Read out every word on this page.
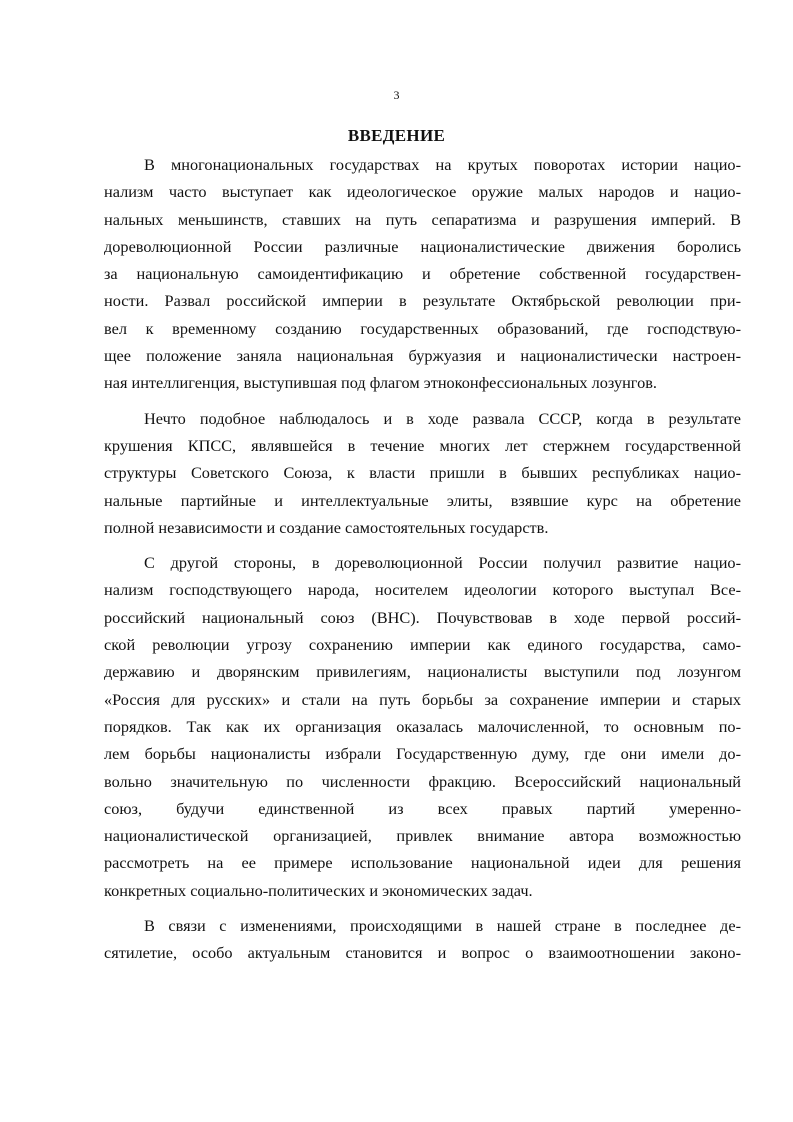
3
ВВЕДЕНИЕ
В многонациональных государствах на крутых поворотах истории нацио-
нализм часто выступает как идеологическое оружие малых народов и нацио-
нальных меньшинств, ставших на путь сепаратизма и разрушения империй. В
дореволюционной России различные националистические движения боролись
за национальную самоидентификацию и обретение собственной государствен-
ности. Развал российской империи в результате Октябрьской революции при-
вел к временному созданию государственных образований, где господствую-
щее положение заняла национальная буржуазия и националистически настроен-
ная интеллигенция, выступившая под флагом этноконфессиональных лозунгов.
Нечто подобное наблюдалось и в ходе развала СССР, когда в результате
крушения КПСС, являвшейся в течение многих лет стержнем государственной
структуры Советского Союза, к власти пришли в бывших республиках нацио-
нальные партийные и интеллектуальные элиты, взявшие курс на обретение
полной независимости и создание самостоятельных государств.
С другой стороны, в дореволюционной России получил развитие нацио-
нализм господствующего народа, носителем идеологии которого выступал Все-
российский национальный союз (ВНС). Почувствовав в ходе первой россий-
ской революции угрозу сохранению империи как единого государства, само-
державию и дворянским привилегиям, националисты выступили под лозунгом
«Россия для русских» и стали на путь борьбы за сохранение империи и старых
порядков. Так как их организация оказалась малочисленной, то основным по-
лем борьбы националисты избрали Государственную думу, где они имели до-
вольно значительную по численности фракцию. Всероссийский национальный
союз, будучи единственной из всех правых партий умеренно-
националистической организацией, привлек внимание автора возможностью
рассмотреть на ее примере использование национальной идеи для решения
конкретных социально-политических и экономических задач.
В связи с изменениями, происходящими в нашей стране в последнее де-
сятилетие, особо актуальным становится и вопрос о взаимоотношении законо-
